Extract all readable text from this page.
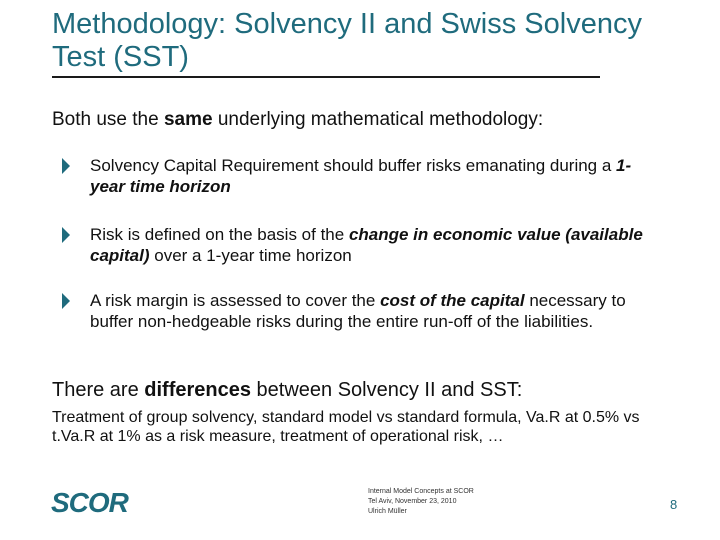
Methodology: Solvency II and Swiss Solvency Test (SST)
Both use the same underlying mathematical methodology:
Solvency Capital Requirement should buffer risks emanating during a 1-year time horizon
Risk is defined on the basis of the change in economic value (available capital) over a 1-year time horizon
A risk margin is assessed to cover the cost of the capital necessary to buffer non-hedgeable risks during the entire run-off of the liabilities.
There are differences between Solvency II and SST:
Treatment of group solvency, standard model vs standard formula, Va.R at 0.5% vs t.Va.R at 1% as a risk measure, treatment of operational risk, …
SCOR	Internal Model Concepts at SCOR
Tel Aviv, November 23, 2010
Ulrich Müller	8
